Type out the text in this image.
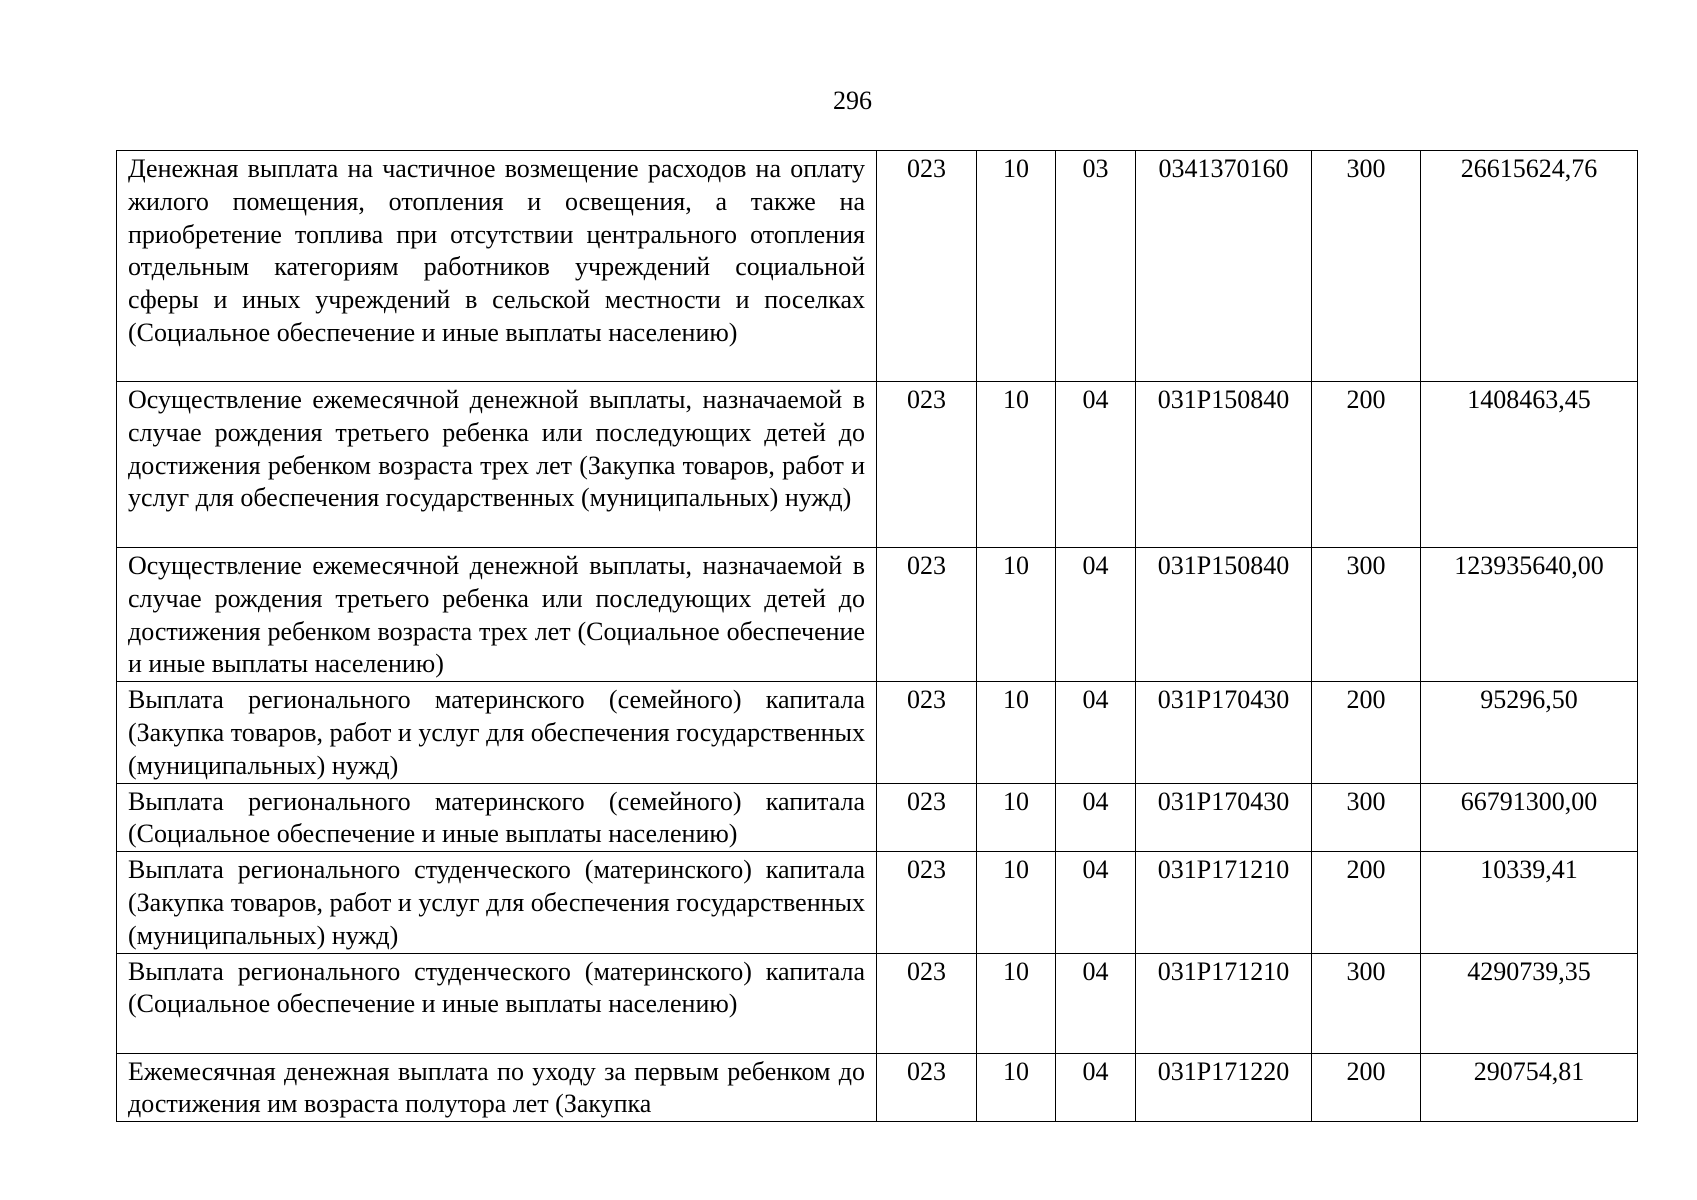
296
Денежная выплата на частичное возмещение расходов на оплату жилого помещения, отопления и освещения, а также на приобретение топлива при отсутствии центрального отопления отдельным категориям работников учреждений социальной сферы и иных учреждений в сельской местности и поселках (Социальное обеспечение и иные выплаты населению)	023	10	03	0341370160	300	26615624,76
Осуществление ежемесячной денежной выплаты, назначаемой в случае рождения третьего ребенка или последующих детей до достижения ребенком возраста трех лет (Закупка товаров, работ и услуг для обеспечения государственных (муниципальных) нужд)	023	10	04	031P150840	200	1408463,45
Осуществление ежемесячной денежной выплаты, назначаемой в случае рождения третьего ребенка или последующих детей до достижения ребенком возраста трех лет (Социальное обеспечение и иные выплаты населению)	023	10	04	031P150840	300	123935640,00
Выплата регионального материнского (семейного) капитала (Закупка товаров, работ и услуг для обеспечения государственных (муниципальных) нужд)	023	10	04	031P170430	200	95296,50
Выплата регионального материнского (семейного) капитала (Социальное обеспечение и иные выплаты населению)	023	10	04	031P170430	300	66791300,00
Выплата регионального студенческого (материнского) капитала (Закупка товаров, работ и услуг для обеспечения государственных (муниципальных) нужд)	023	10	04	031P171210	200	10339,41
Выплата регионального студенческого (материнского) капитала (Социальное обеспечение и иные выплаты населению)	023	10	04	031P171210	300	4290739,35
Ежемесячная денежная выплата по уходу за первым ребенком до достижения им возраста полутора лет (Закупка	023	10	04	031P171220	200	290754,81
